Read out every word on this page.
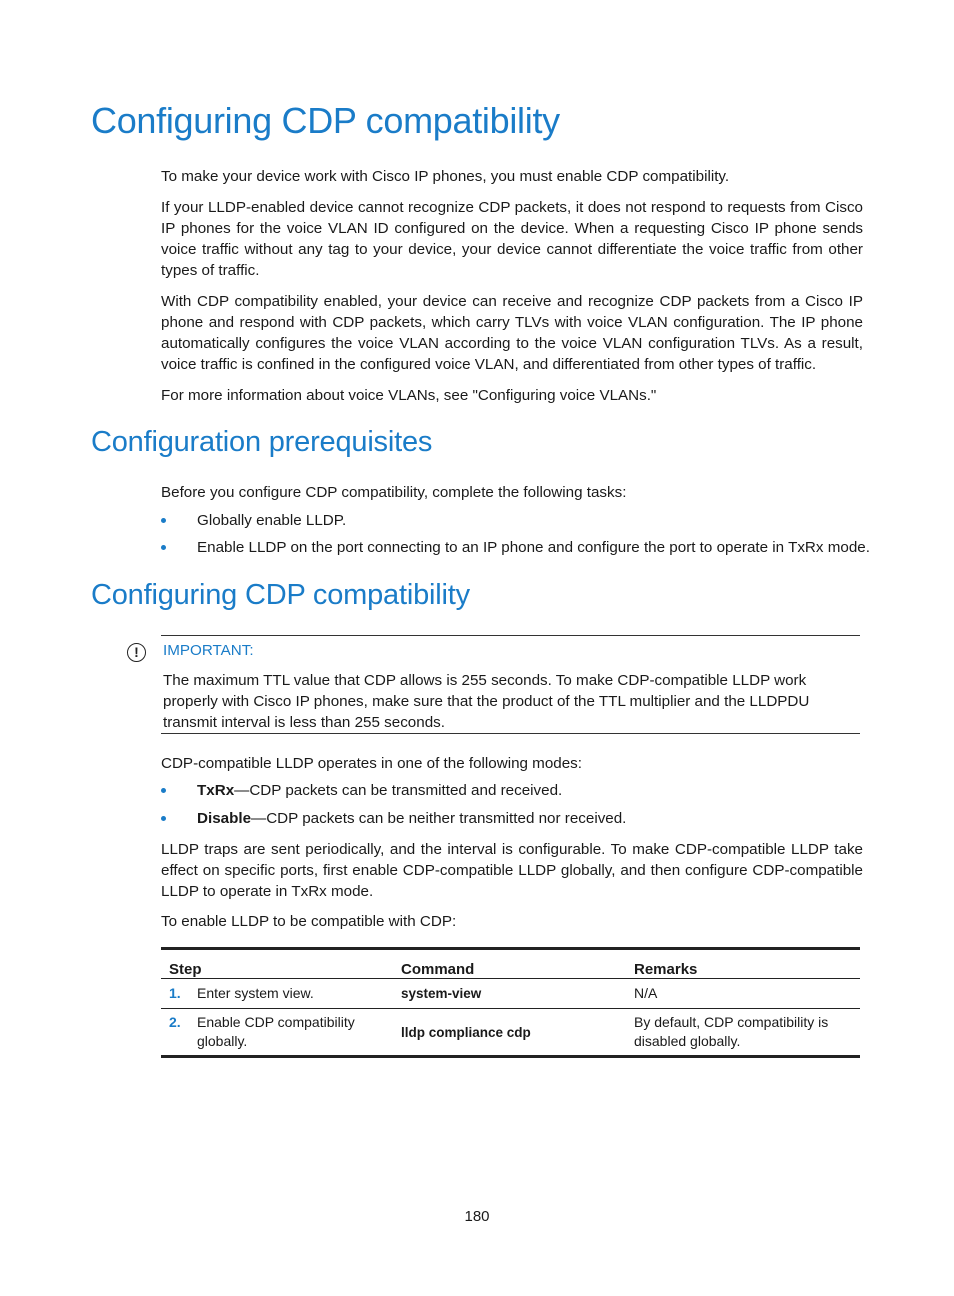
Configuring CDP compatibility

To make your device work with Cisco IP phones, you must enable CDP compatibility.

If your LLDP-enabled device cannot recognize CDP packets, it does not respond to requests from Cisco IP phones for the voice VLAN ID configured on the device. When a requesting Cisco IP phone sends voice traffic without any tag to your device, your device cannot differentiate the voice traffic from other types of traffic.

With CDP compatibility enabled, your device can receive and recognize CDP packets from a Cisco IP phone and respond with CDP packets, which carry TLVs with voice VLAN configuration. The IP phone automatically configures the voice VLAN according to the voice VLAN configuration TLVs. As a result, voice traffic is confined in the configured voice VLAN, and differentiated from other types of traffic.

For more information about voice VLANs, see "Configuring voice VLANs."

Configuration prerequisites

Before you configure CDP compatibility, complete the following tasks:

Globally enable LLDP.
Enable LLDP on the port connecting to an IP phone and configure the port to operate in TxRx mode.
Configuring CDP compatibility
!	IMPORTANT:

The maximum TTL value that CDP allows is 255 seconds. To make CDP-compatible LLDP work properly with Cisco IP phones, make sure that the product of the TTL multiplier and the LLDPDU transmit interval is less than 255 seconds.

CDP-compatible LLDP operates in one of the following modes:

TxRx—CDP packets can be transmitted and received.
Disable—CDP packets can be neither transmitted nor received.

LLDP traps are sent periodically, and the interval is configurable. To make CDP-compatible LLDP take effect on specific ports, first enable CDP-compatible LLDP globally, and then configure CDP-compatible LLDP to operate in TxRx mode.

To enable LLDP to be compatible with CDP:

Step	Command	Remarks

1. Enter system view.	system-view	N/A

2. Enable CDP compatibility globally.	lldp compliance cdp	By default, CDP compatibility is disabled globally.
180
